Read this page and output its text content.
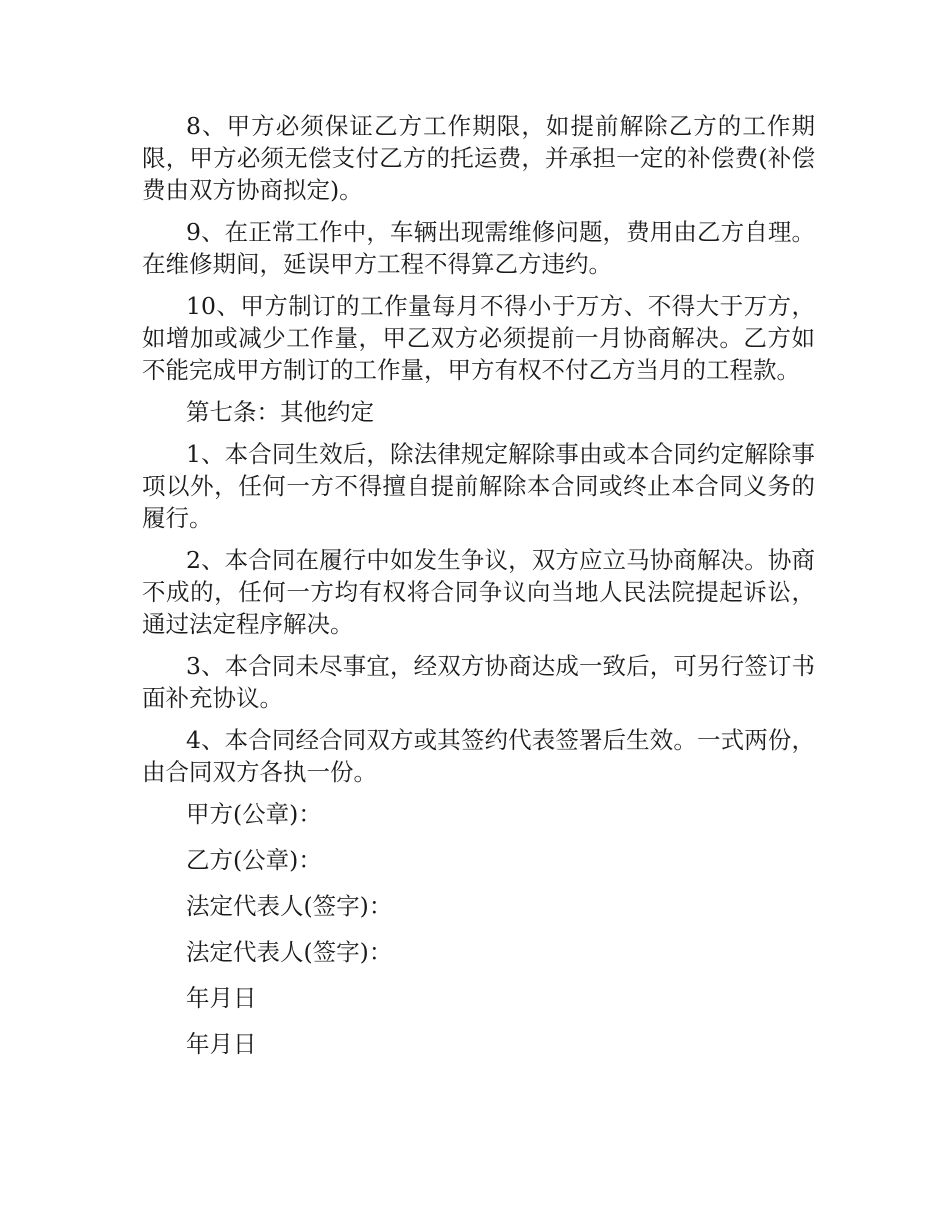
8、甲方必须保证乙方工作期限，如提前解除乙方的工作期限，甲方必须无偿支付乙方的托运费，并承担一定的补偿费(补偿费由双方协商拟定)。

9、在正常工作中，车辆出现需维修问题，费用由乙方自理。在维修期间，延误甲方工程不得算乙方违约。

10、甲方制订的工作量每月不得小于万方、不得大于万方，如增加或减少工作量，甲乙双方必须提前一月协商解决。乙方如不能完成甲方制订的工作量，甲方有权不付乙方当月的工程款。

第七条：其他约定

1、本合同生效后，除法律规定解除事由或本合同约定解除事项以外，任何一方不得擅自提前解除本合同或终止本合同义务的履行。

2、本合同在履行中如发生争议，双方应立马协商解决。协商不成的，任何一方均有权将合同争议向当地人民法院提起诉讼，通过法定程序解决。

3、本合同未尽事宜，经双方协商达成一致后，可另行签订书面补充协议。

4、本合同经合同双方或其签约代表签署后生效。一式两份，由合同双方各执一份。

甲方(公章)：

乙方(公章)：

法定代表人(签字)：

法定代表人(签字)：

年月日

年月日
